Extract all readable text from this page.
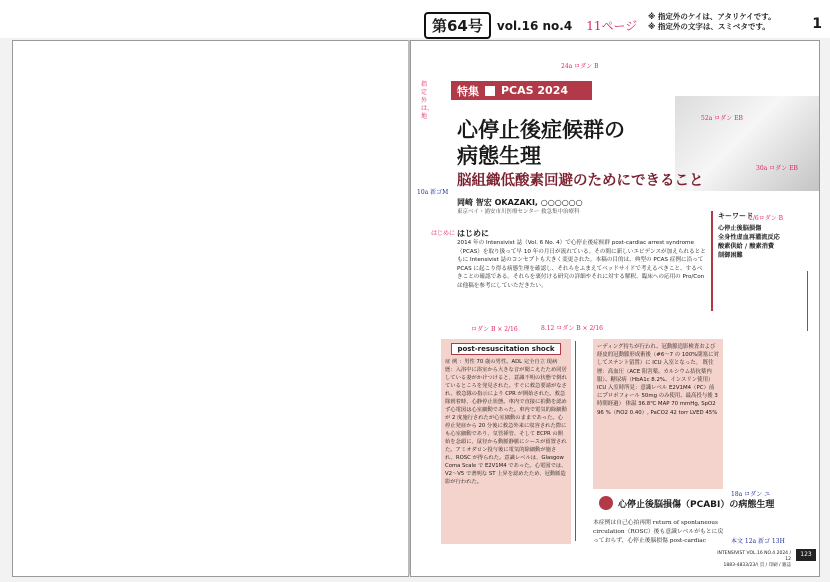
第64号	vol.16 no.4 11ページ
※ 指定外のケイは、アタリケイです。
※ 指定外の文字は、スミベタです。	1
特集 PCAS 2024
心停止後症候群の
病態生理
脳組織低酸素回避のためにできること
岡崎 智宏 OKAZAKI, ○○○○○○
東京ベイ・浦安市川医療センター 救急集中治療科
はじめに
2014 年の Intensivist 誌（Vol. 6 No. 4）で心停止後症候群 post-cardiac arrest syndrome（PCAS）を取り扱って早 10 年の月日が流れている。その間に新しいエビデンスが加えられるとともに Intensivist 誌のコンセプトも大きく変更された。本稿の目的は、典型の PCAS 症例に沿って PCAS に起こり得る病態生理を確認し、それらをふまえてベッドサイドで考えるべきこと、するべきことの確認である。それらを裏付ける研究の詳細やそれに対する解釈、臨床への応用の Pro/Con は他稿を参考にしていただきたい。
キーワード
心停止後脳損傷
全身性虚血再灌流反応
酸素供給 / 酸素消費
制御困難
post-resuscitation shock
症 例 ：男性 70 歳の男性。ADL 完全自立 現病歴：入浴中に浴室から大きな音が聞こえたため同居している妻がかけつけると、意識不明の状態で倒れているところを発見された。すぐに救急要請がなされ、救急隊の指示により CPR が開始された。救急隊到着時、心静停止状態。車内で直接に拍動を認めず心電図は心室細動であった。車内で電気的除細動が 2 度施行されたが心室細動のままであった。心停止発症から 20 分後に救急外来に収容された際にも心室細動であり、気管挿管、そして ECPR の開始を念頭に、鼠径から動脈静脈にシースが留置された。アミオダロン投与後に電気的除細動が施され、ROSC が得られた。意識レベルは、Glasgow Coma Scale で E2V1M4 であった。心電図では、V2～V5 で著明な ST 上昇を認めたため、冠動脈造影が行われた。
ーディング持ちが行われ、冠動脈造影検査および経皮的冠動脈形成術後（#6～7 の 100%閉塞に対してステント留置）に ICU 入室となった。 既往歴：高血圧（ACE 阻害薬、カルシウム拮抗薬内服）、糖尿病（HbA1c 8.2%、インスリン使用） ICU 入室時所見：意識レベル E2V1M4（PC）前にプロポフォール 50mg のみ使用、最高投与後 3 時間経過） 体温 36.8℃ MAP 70 mmHg, SpO2 96 %（FiO2 0.40）, PaCO2 42 torr LVED 45%
心停止後脳損傷（PCABI）の病態生理
本症例は自己心拍再開 return of spontaneous circulation（ROSC）後も意識レベルがもとに戻っておらず、心停止後脳損傷 post-cardiac
INTENSIVIST VOL.16 NO.4 2024 / 12
1883-4833/23/\ 頁 / 印刷 / 雑誌
123
指定外は、地
24a ロダン B
52a ロダン EB
30a ロダン EB
10a 新ゴM
はじめに
2/6ロダン B
ロダン B × 2/16	8.12 ロダン B × 2/16
18a ロダン ユ
本文 12a 新ゴ 13H
